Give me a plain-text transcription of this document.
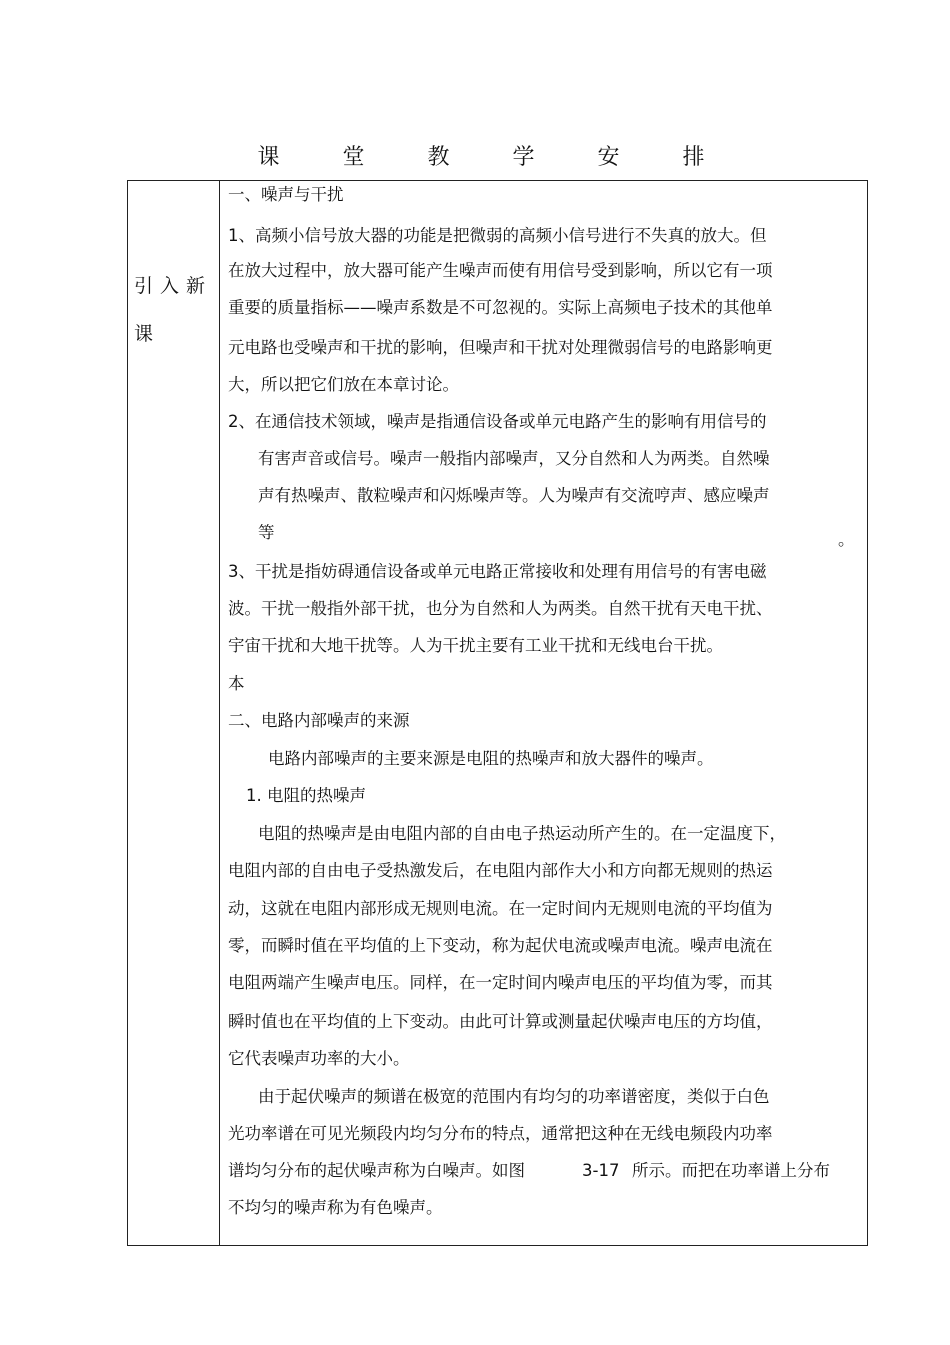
课 堂 教 学 安 排
引入新课
一、噪声与干扰
1、高频小信号放大器的功能是把微弱的高频小信号进行不失真的放大。但
在放大过程中，放大器可能产生噪声而使有用信号受到影响，所以它有一项
重要的质量指标——噪声系数是不可忽视的。实际上高频电子技术的其他单
元电路也受噪声和干扰的影响，但噪声和干扰对处理微弱信号的电路影响更
大，所以把它们放在本章讨论。
2、在通信技术领域，噪声是指通信设备或单元电路产生的影响有用信号的
有害声音或信号。噪声一般指内部噪声，又分自然和人为两类。自然噪
声有热噪声、散粒噪声和闪烁噪声等。人为噪声有交流哼声、感应噪声
等	。
3、干扰是指妨碍通信设备或单元电路正常接收和处理有用信号的有害电磁
波。干扰一般指外部干扰，也分为自然和人为两类。自然干扰有天电干扰、
宇宙干扰和大地干扰等。人为干扰主要有工业干扰和无线电台干扰。
本
二、电路内部噪声的来源
电路内部噪声的主要来源是电阻的热噪声和放大器件的噪声。
1. 电阻的热噪声
电阻的热噪声是由电阻内部的自由电子热运动所产生的。在一定温度下，
电阻内部的自由电子受热激发后，在电阻内部作大小和方向都无规则的热运
动，这就在电阻内部形成无规则电流。在一定时间内无规则电流的平均值为
零，而瞬时值在平均值的上下变动，称为起伏电流或噪声电流。噪声电流在
电阻两端产生噪声电压。同样，在一定时间内噪声电压的平均值为零，而其
瞬时值也在平均值的上下变动。由此可计算或测量起伏噪声电压的方均值，
它代表噪声功率的大小。
由于起伏噪声的频谱在极宽的范围内有均匀的功率谱密度，类似于白色
光功率谱在可见光频段内均匀分布的特点，通常把这种在无线电频段内功率
谱均匀分布的起伏噪声称为白噪声。如图	3-17 所示。而把在功率谱上分布
不均匀的噪声称为有色噪声。
